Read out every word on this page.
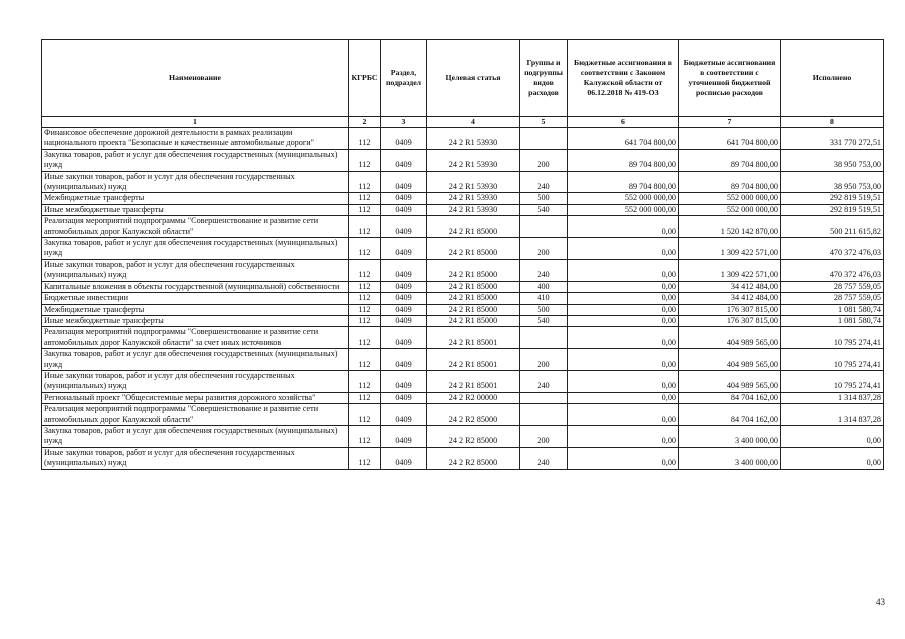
Наименование	КГРБС	Раздел, подраздел	Целевая статья	Группы и подгруппы видов расходов	Бюджетные ассигнования в соответствии с Законом Калужской области от 06.12.2018 № 419-ОЗ	Бюджетные ассигнования в соответствии с уточненной бюджетной росписью расходов	Исполнено
1	2	3	4	5	6	7	8
Финансовое обеспечение дорожной деятельности в рамках реализации национального проекта "Безопасные и качественные автомобильные дороги"	112	0409	24 2 R1 53930		641 704 800,00	641 704 800,00	331 770 272,51
Закупка товаров, работ и услуг для обеспечения государственных (муниципальных) нужд	112	0409	24 2 R1 53930	200	89 704 800,00	89 704 800,00	38 950 753,00
Иные закупки товаров, работ и услуг для обеспечения государственных (муниципальных) нужд	112	0409	24 2 R1 53930	240	89 704 800,00	89 704 800,00	38 950 753,00
Межбюджетные трансферты	112	0409	24 2 R1 53930	500	552 000 000,00	552 000 000,00	292 819 519,51
Иные межбюджетные трансферты	112	0409	24 2 R1 53930	540	552 000 000,00	552 000 000,00	292 819 519,51
Реализация мероприятий подпрограммы "Совершенствование и развитие сети автомобильных дорог Калужской области"	112	0409	24 2 R1 85000		0,00	1 520 142 870,00	500 211 615,82
Закупка товаров, работ и услуг для обеспечения государственных (муниципальных) нужд	112	0409	24 2 R1 85000	200	0,00	1 309 422 571,00	470 372 476,03
Иные закупки товаров, работ и услуг для обеспечения государственных (муниципальных) нужд	112	0409	24 2 R1 85000	240	0,00	1 309 422 571,00	470 372 476,03
Капитальные вложения в объекты государственной (муниципальной) собственности	112	0409	24 2 R1 85000	400	0,00	34 412 484,00	28 757 559,05
Бюджетные инвестиции	112	0409	24 2 R1 85000	410	0,00	34 412 484,00	28 757 559,05
Межбюджетные трансферты	112	0409	24 2 R1 85000	500	0,00	176 307 815,00	1 081 580,74
Иные межбюджетные трансферты	112	0409	24 2 R1 85000	540	0,00	176 307 815,00	1 081 580,74
Реализация мероприятий подпрограммы "Совершенствование и развитие сети автомобильных дорог Калужской области" за счет иных источников	112	0409	24 2 R1 85001		0,00	404 989 565,00	10 795 274,41
Закупка товаров, работ и услуг для обеспечения государственных (муниципальных) нужд	112	0409	24 2 R1 85001	200	0,00	404 989 565,00	10 795 274,41
Иные закупки товаров, работ и услуг для обеспечения государственных (муниципальных) нужд	112	0409	24 2 R1 85001	240	0,00	404 989 565,00	10 795 274,41
Региональный проект "Общесистемные меры развития дорожного хозяйства"	112	0409	24 2 R2 00000		0,00	84 704 162,00	1 314 837,28
Реализация мероприятий подпрограммы "Совершенствование и развитие сети автомобильных дорог Калужской области"	112	0409	24 2 R2 85000		0,00	84 704 162,00	1 314 837,28
Закупка товаров, работ и услуг для обеспечения государственных (муниципальных) нужд	112	0409	24 2 R2 85000	200	0,00	3 400 000,00	0,00
Иные закупки товаров, работ и услуг для обеспечения государственных (муниципальных) нужд	112	0409	24 2 R2 85000	240	0,00	3 400 000,00	0,00
43
